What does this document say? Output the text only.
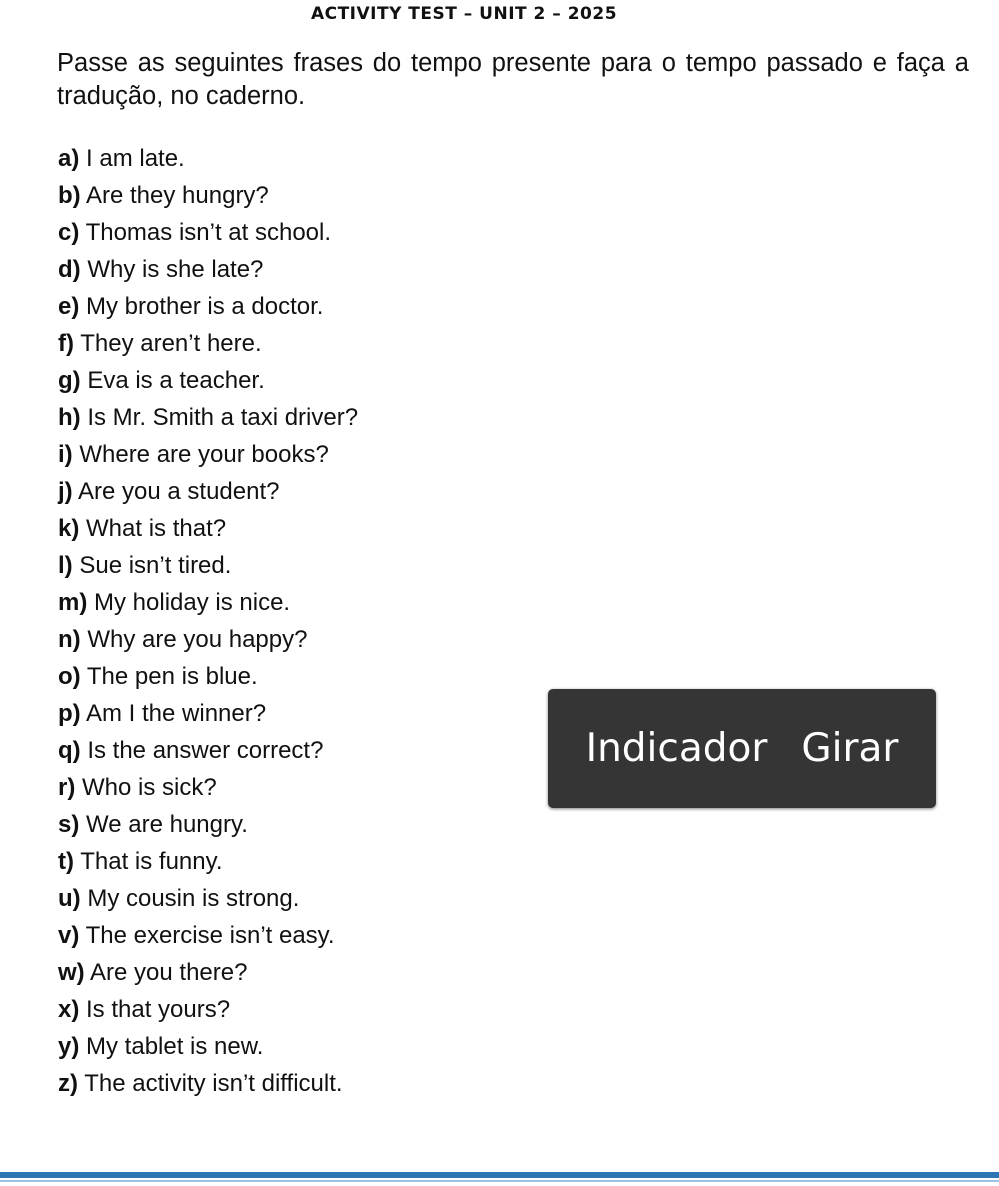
ACTIVITY TEST – UNIT 2 – 2025
Passe as seguintes frases do tempo presente para o tempo passado e faça a tradução, no caderno.
a) I am late.
b) Are they hungry?
c) Thomas isn’t at school.
d) Why is she late?
e) My brother is a doctor.
f) They aren’t here.
g) Eva is a teacher.
h) Is Mr. Smith a taxi driver?
i) Where are your books?
j) Are you a student?
k) What is that?
l) Sue isn’t tired.
m) My holiday is nice.
n) Why are you happy?
o) The pen is blue.
p) Am I the winner?
q) Is the answer correct?
r) Who is sick?
s) We are hungry.
t) That is funny.
u) My cousin is strong.
v) The exercise isn’t easy.
w) Are you there?
x) Is that yours?
y) My tablet is new.
z) The activity isn’t difficult.
Indicador Girar
